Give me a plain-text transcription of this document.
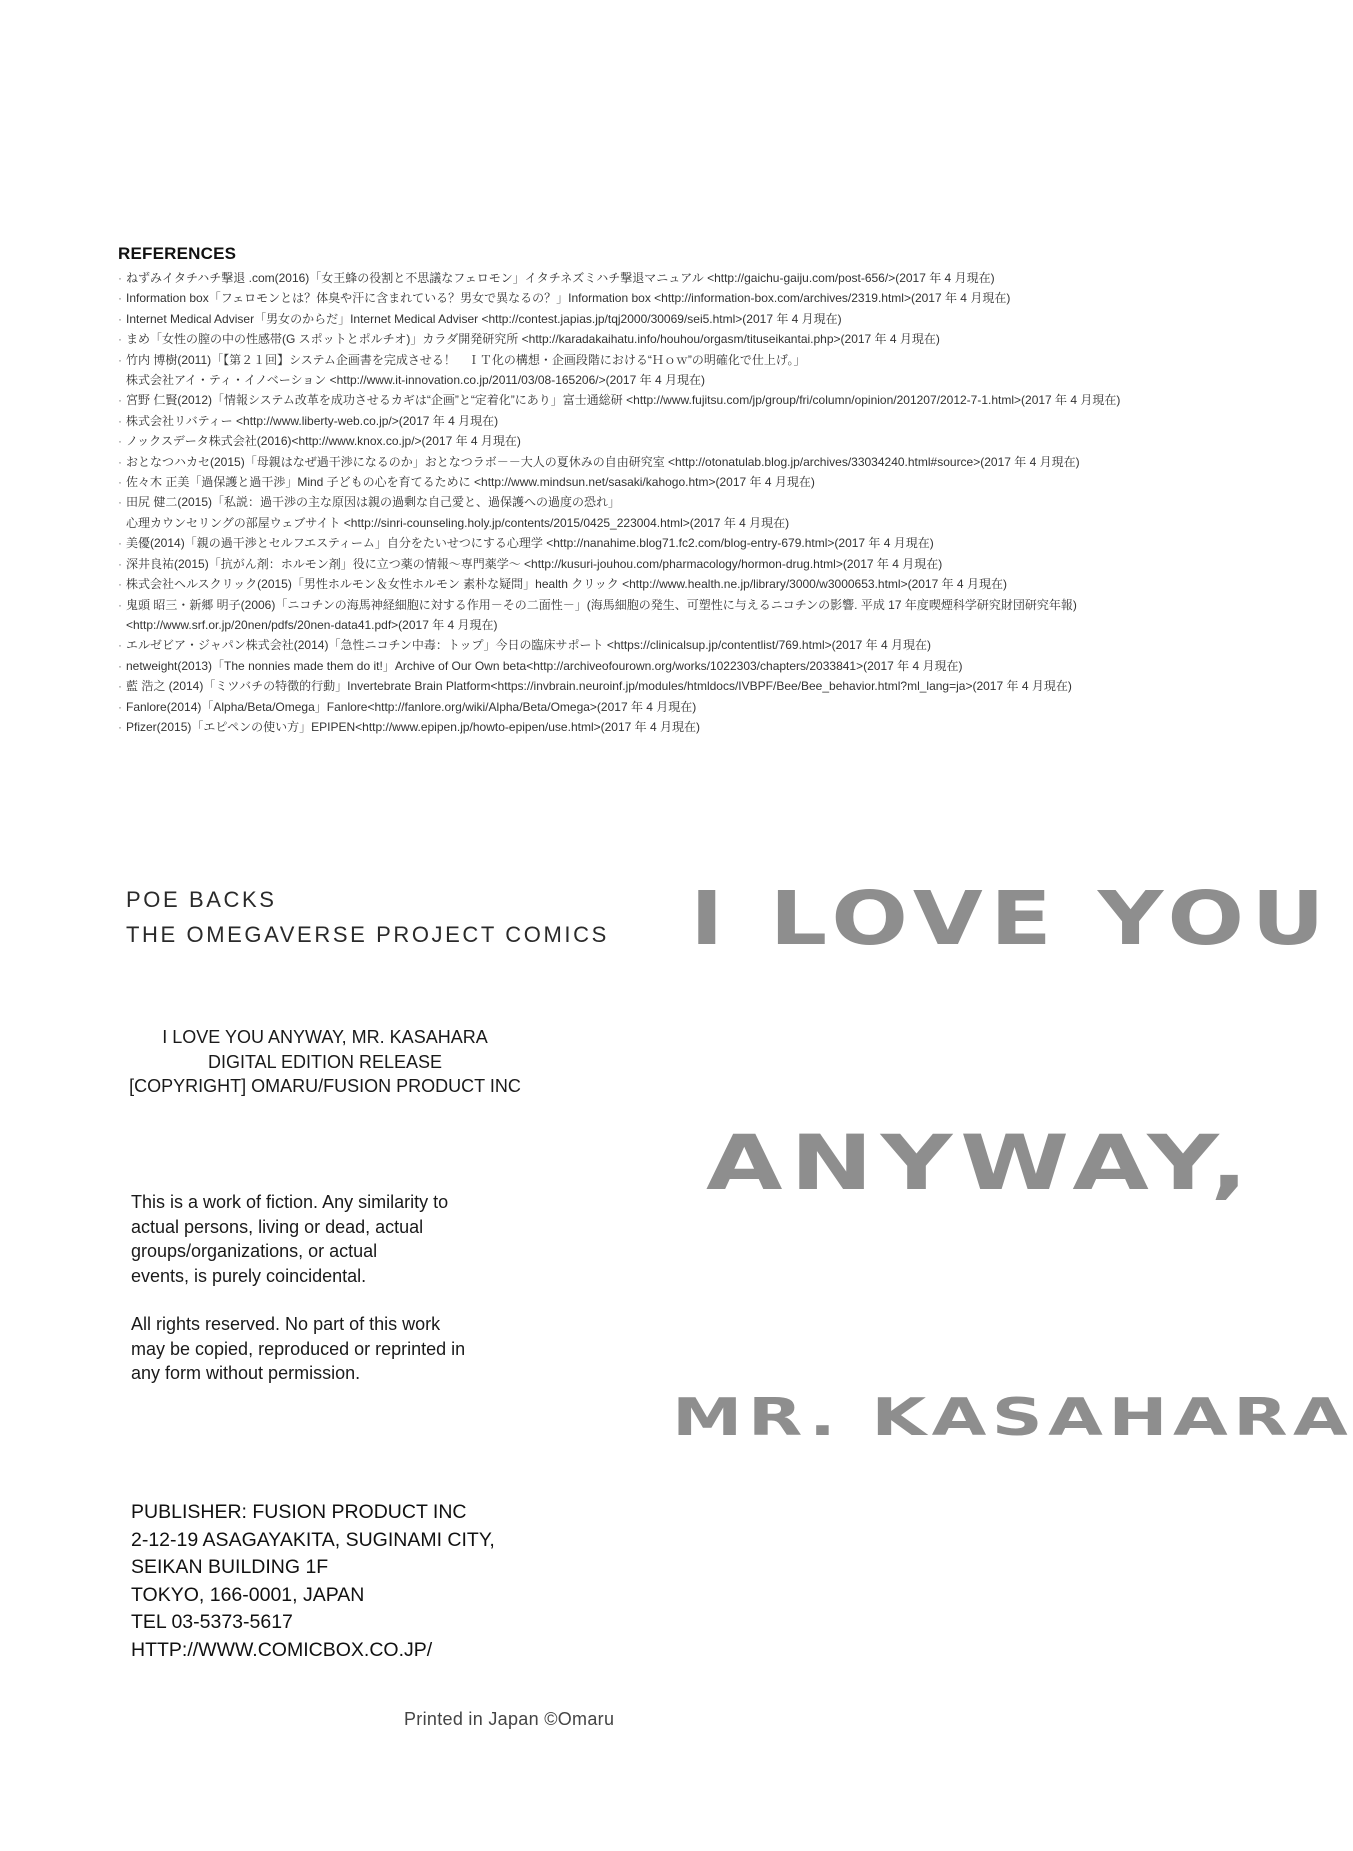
REFERENCES
· ねずみイタチハチ撃退 .com(2016)「女王蜂の役割と不思議なフェロモン」イタチネズミハチ撃退マニュアル <http://gaichu-gaiju.com/post-656/>(2017 年 4 月現在)
· Information box「フェロモンとは？体臭や汗に含まれている？男女で異なるの？」Information box <http://information-box.com/archives/2319.html>(2017 年 4 月現在)
· Internet Medical Adviser「男女のからだ」Internet Medical Adviser <http://contest.japias.jp/tqj2000/30069/sei5.html>(2017 年 4 月現在)
· まめ「女性の膣の中の性感帯(G スポットとポルチオ)」カラダ開発研究所 <http://karadakaihatu.info/houhou/orgasm/tituseikantai.php>(2017 年 4 月現在)
· 竹内 博樹(2011)「【第２１回】システム企画書を完成させる！　ＩＴ化の構想・企画段階における“Ｈｏｗ”の明確化で仕上げ。」
株式会社アイ・ティ・イノベーション <http://www.it-innovation.co.jp/2011/03/08-165206/>(2017 年 4 月現在)
· 宮野 仁賢(2012)「情報システム改革を成功させるカギは“企画”と“定着化”にあり」富士通総研 <http://www.fujitsu.com/jp/group/fri/column/opinion/201207/2012-7-1.html>(2017 年 4 月現在)
· 株式会社リバティー <http://www.liberty-web.co.jp/>(2017 年 4 月現在)
· ノックスデータ株式会社(2016)<http://www.knox.co.jp/>(2017 年 4 月現在)
· おとなつハカセ(2015)「母親はなぜ過干渉になるのか」おとなつラボ－－大人の夏休みの自由研究室 <http://otonatulab.blog.jp/archives/33034240.html#source>(2017 年 4 月現在)
· 佐々木 正美「過保護と過干渉」Mind 子どもの心を育てるために <http://www.mindsun.net/sasaki/kahogo.htm>(2017 年 4 月現在)
· 田尻 健二(2015)「私説：過干渉の主な原因は親の過剰な自己愛と、過保護への過度の恐れ」
心理カウンセリングの部屋ウェブサイト <http://sinri-counseling.holy.jp/contents/2015/0425_223004.html>(2017 年 4 月現在)
· 美優(2014)「親の過干渉とセルフエスティーム」自分をたいせつにする心理学 <http://nanahime.blog71.fc2.com/blog-entry-679.html>(2017 年 4 月現在)
· 深井良祐(2015)「抗がん剤：ホルモン剤」役に立つ薬の情報～専門薬学～ <http://kusuri-jouhou.com/pharmacology/hormon-drug.html>(2017 年 4 月現在)
· 株式会社ヘルスクリック(2015)「男性ホルモン＆女性ホルモン 素朴な疑問」health クリック <http://www.health.ne.jp/library/3000/w3000653.html>(2017 年 4 月現在)
· 鬼頭 昭三・新郷 明子(2006)「ニコチンの海馬神経細胞に対する作用－その二面性－」(海馬細胞の発生、可塑性に与えるニコチンの影響. 平成 17 年度喫煙科学研究財団研究年報)
<http://www.srf.or.jp/20nen/pdfs/20nen-data41.pdf>(2017 年 4 月現在)
· エルゼビア・ジャパン株式会社(2014)「急性ニコチン中毒：トップ」今日の臨床サポート <https://clinicalsup.jp/contentlist/769.html>(2017 年 4 月現在)
· netweight(2013)「The nonnies made them do it!」Archive of Our Own beta<http://archiveofourown.org/works/1022303/chapters/2033841>(2017 年 4 月現在)
· 藍 浩之 (2014)「ミツバチの特徴的行動」Invertebrate Brain Platform<https://invbrain.neuroinf.jp/modules/htmldocs/IVBPF/Bee/Bee_behavior.html?ml_lang=ja>(2017 年 4 月現在)
· Fanlore(2014)「Alpha/Beta/Omega」Fanlore<http://fanlore.org/wiki/Alpha/Beta/Omega>(2017 年 4 月現在)
· Pfizer(2015)「エピペンの使い方」EPIPEN<http://www.epipen.jp/howto-epipen/use.html>(2017 年 4 月現在)
POE BACKS
THE OMEGAVERSE PROJECT COMICS
I LOVE YOU ANYWAY, MR. KASAHARA
DIGITAL EDITION RELEASE
[COPYRIGHT] OMARU/FUSION PRODUCT INC

This is a work of fiction. Any similarity to

actual persons, living or dead, actual

groups/organizations, or actual

events, is purely coincidental.

All rights reserved. No part of this work

may be copied, reproduced or reprinted in

any form without permission.

PUBLISHER: FUSION PRODUCT INC
2-12-19 ASAGAYAKITA, SUGINAMI CITY,
SEIKAN BUILDING 1F
TOKYO, 166-0001, JAPAN
TEL 03-5373-5617
HTTP://WWW.COMICBOX.CO.JP/
Printed in Japan ©Omaru
I LOVE YOU
ANYWAY,
MR. KASAHARA
